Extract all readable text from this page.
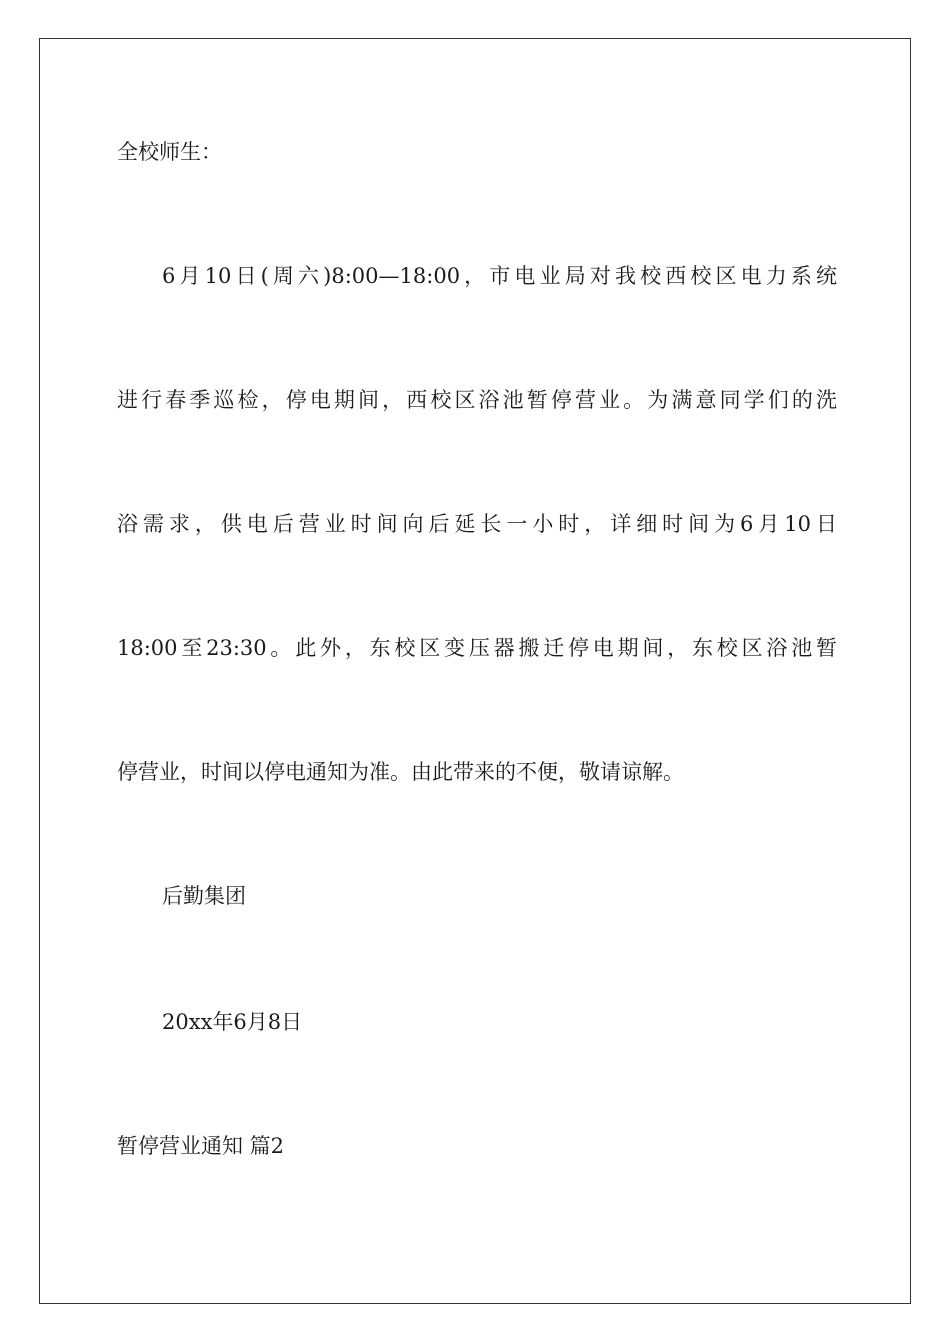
全校师生：
6月10日(周六)8:00—18:00，市电业局对我校西校区电力系统
进行春季巡检，停电期间，西校区浴池暂停营业。为满意同学们的洗
浴需求，供电后营业时间向后延长一小时，详细时间为6月10日
18:00至23:30。此外，东校区变压器搬迁停电期间，东校区浴池暂
停营业，时间以停电通知为准。由此带来的不便，敬请谅解。
后勤集团
20xx年6月8日
暂停营业通知 篇2
